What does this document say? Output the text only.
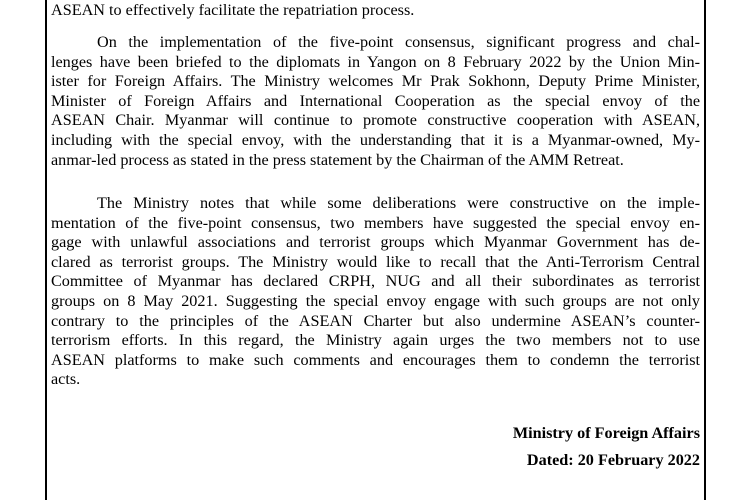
ASEAN to effectively facilitate the repatriation process.
On the implementation of the five-point consensus, significant progress and chal-
lenges have been briefed to the diplomats in Yangon on 8 February 2022 by the Union Min-
ister for Foreign Affairs. The Ministry welcomes Mr Prak Sokhonn, Deputy Prime Minister,
Minister of Foreign Affairs and International Cooperation as the special envoy of the
ASEAN Chair. Myanmar will continue to promote constructive cooperation with ASEAN,
including with the special envoy, with the understanding that it is a Myanmar-owned, My-
anmar-led process as stated in the press statement by the Chairman of the AMM Retreat.
The Ministry notes that while some deliberations were constructive on the imple-
mentation of the five-point consensus, two members have suggested the special envoy en-
gage with unlawful associations and terrorist groups which Myanmar Government has de-
clared as terrorist groups. The Ministry would like to recall that the Anti-Terrorism Central
Committee of Myanmar has declared CRPH, NUG and all their subordinates as terrorist
groups on 8 May 2021. Suggesting the special envoy engage with such groups are not only
contrary to the principles of the ASEAN Charter but also undermine ASEAN’s counter-
terrorism efforts. In this regard, the Ministry again urges the two members not to use
ASEAN platforms to make such comments and encourages them to condemn the terrorist
acts.
Ministry of Foreign Affairs
Dated: 20 February 2022
